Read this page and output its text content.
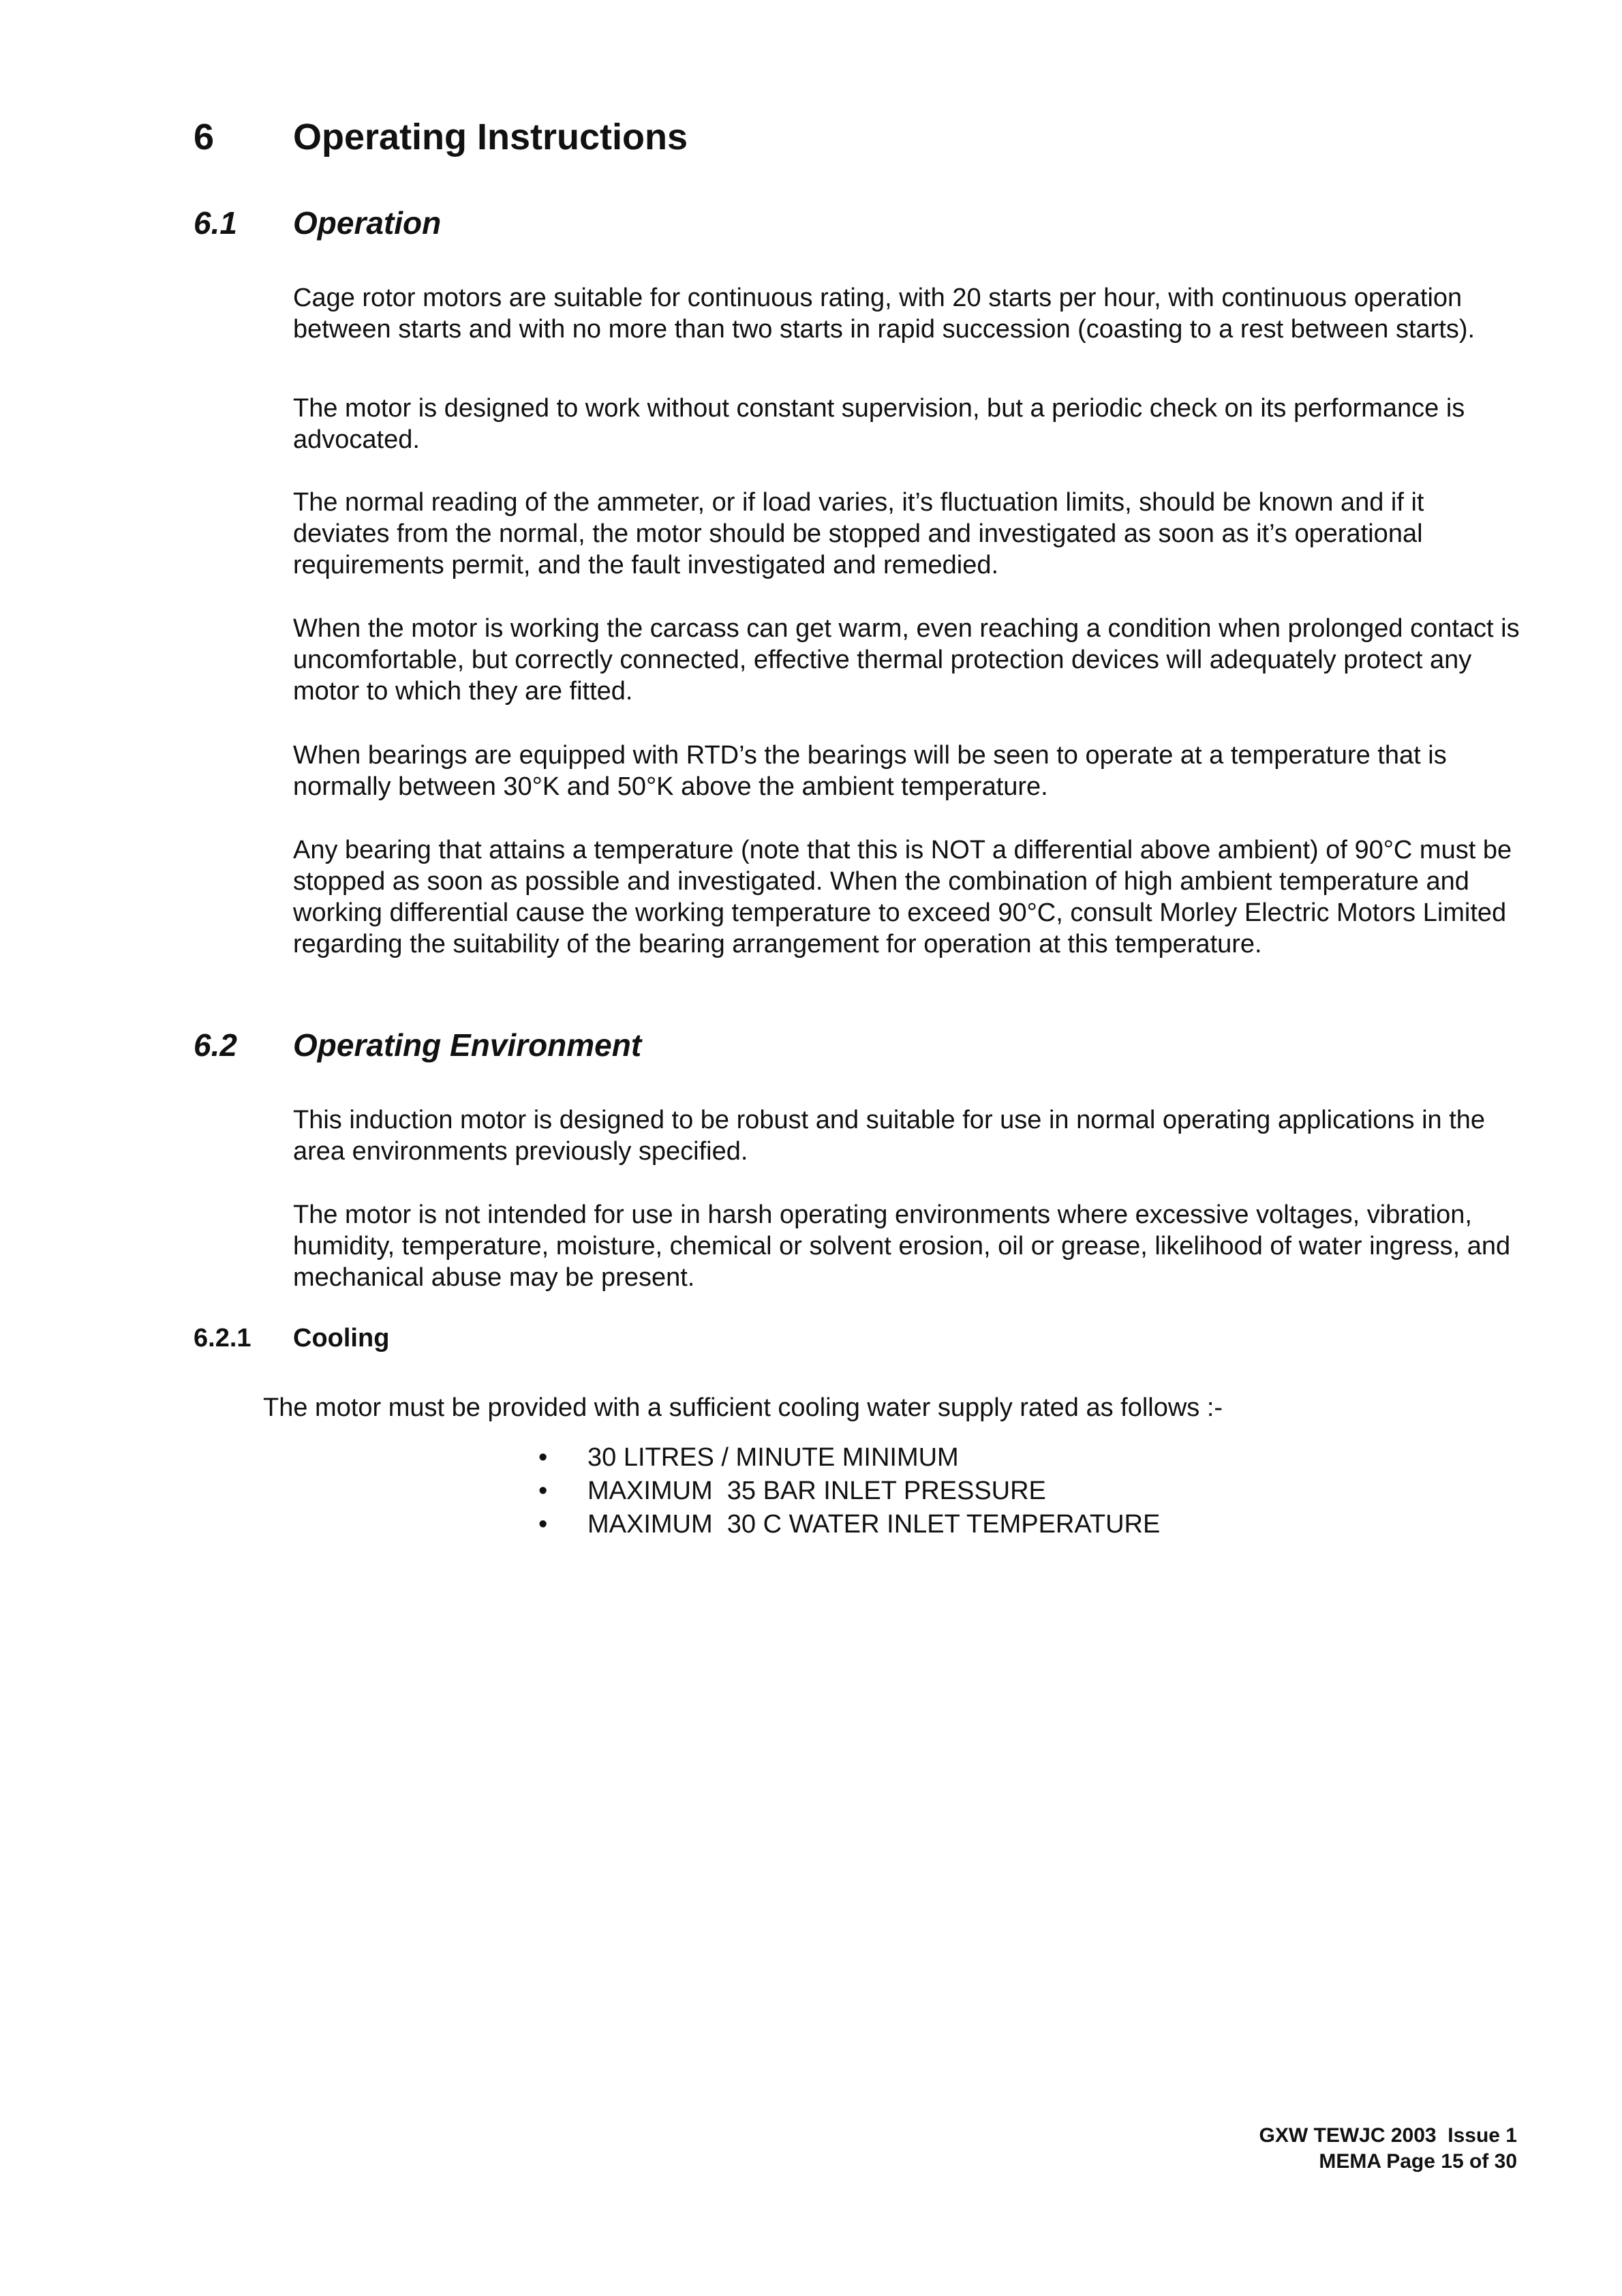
6	Operating Instructions
6.1	Operation

Cage rotor motors are suitable for continuous rating, with 20 starts per hour, with continuous operation between starts and with no more than two starts in rapid succession (coasting to a rest between starts).

The motor is designed to work without constant supervision, but a periodic check on its performance is advocated.

The normal reading of the ammeter, or if load varies, it’s fluctuation limits, should be known and if it deviates from the normal, the motor should be stopped and investigated as soon as it’s operational requirements permit, and the fault investigated and remedied.

When the motor is working the carcass can get warm, even reaching a condition when prolonged contact is uncomfortable, but correctly connected, effective thermal protection devices will adequately protect any motor to which they are fitted.

When bearings are equipped with RTD’s the bearings will be seen to operate at a temperature that is normally between 30°K and 50°K above the ambient temperature.

Any bearing that attains a temperature (note that this is NOT a differential above ambient) of 90°C must be stopped as soon as possible and investigated. When the combination of high ambient temperature and working differential cause the working temperature to exceed 90°C, consult Morley Electric Motors Limited regarding the suitability of the bearing arrangement for operation at this temperature.

6.2	Operating Environment

This induction motor is designed to be robust and suitable for use in normal operating applications in the area environments previously specified.

The motor is not intended for use in harsh operating environments where excessive voltages, vibration, humidity, temperature, moisture, chemical or solvent erosion, oil or grease, likelihood of water ingress, and mechanical abuse may be present.

6.2.1	Cooling

The motor must be provided with a sufficient cooling water supply rated as follows :-

•	30 LITRES / MINUTE MINIMUM
•	MAXIMUM  35 BAR INLET PRESSURE
•	MAXIMUM  30 C WATER INLET TEMPERATURE
GXW TEWJC 2003  Issue 1
MEMA Page 15 of 30
